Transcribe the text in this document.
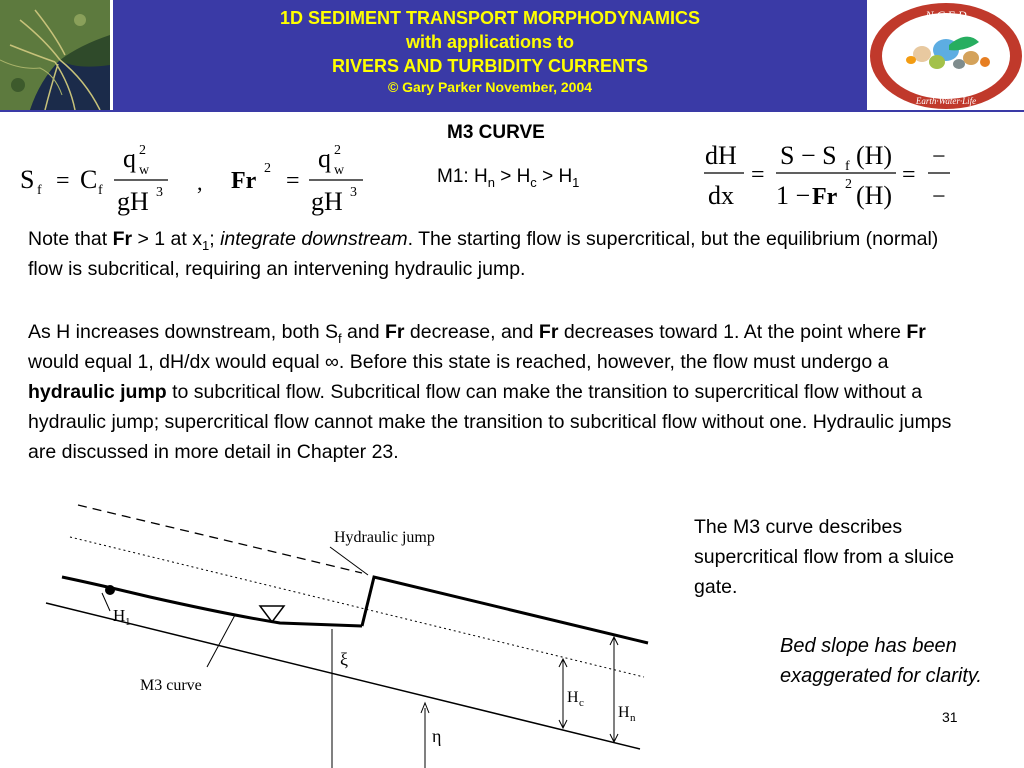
1D SEDIMENT TRANSPORT MORPHODYNAMICS
with applications to
RIVERS AND TURBIDITY CURRENTS
© Gary Parker November, 2004
N C E D
Earth·Water·Life
M3 CURVE
S f = C f
q 2
w
gH 3 , Fr 2 =
q 2
w
gH 3
dH
dx
=
S − S f (H)
1 − Fr 2 (H)
=
−
−
M1: $H_n > H_c > H_1$
Note that Fr > 1 at $x_1$; integrate downstream. The starting flow is supercritical, but the equilibrium (normal) flow is subcritical, requiring an intervening hydraulic jump.
As H increases downstream, both $S_f$ and Fr decrease, and Fr decreases toward 1. At the point where Fr would equal 1, dH/dx would equal ∞. Before this state is reached, however, the flow must undergo a hydraulic jump to subcritical flow. Subcritical flow can make the transition to supercritical flow without a hydraulic jump; supercritical flow cannot make the transition to subcritical flow without one. Hydraulic jumps are discussed in more detail in Chapter 23.
H 1
M3 curve
Hydraulic jump
ξ
η
H c
H n
The M3 curve describes supercritical flow from a sluice gate.
Bed slope has been exaggerated for clarity.
31
